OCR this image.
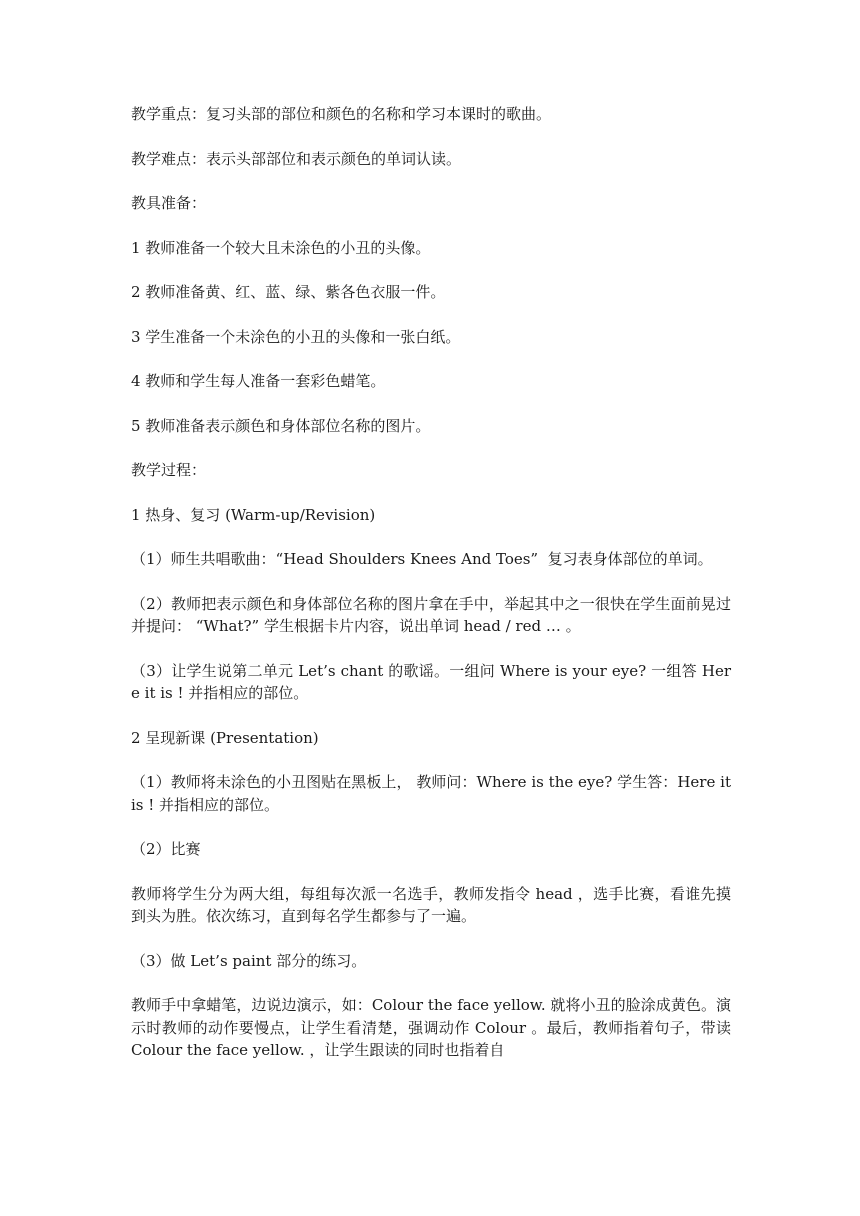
教学重点：复习头部的部位和颜色的名称和学习本课时的歌曲。

教学难点：表示头部部位和表示颜色的单词认读。

教具准备：

1 教师准备一个较大且未涂色的小丑的头像。

2 教师准备黄、红、蓝、绿、紫各色衣服一件。

3 学生准备一个未涂色的小丑的头像和一张白纸。

4 教师和学生每人准备一套彩色蜡笔。

5 教师准备表示颜色和身体部位名称的图片。

教学过程：

1 热身、复习 (Warm-up/Revision)

（1）师生共唱歌曲：“Head Shoulders Knees And Toes”  复习表身体部位的单词。

（2）教师把表示颜色和身体部位名称的图片拿在手中，举起其中之一很快在学生面前晃过并提问： “What?” 学生根据卡片内容，说出单词 head / red … 。

（3）让学生说第二单元 Let’s chant 的歌谣。一组问 Where is your eye? 一组答 Here it is ! 并指相应的部位。

2 呈现新课 (Presentation)

（1）教师将未涂色的小丑图贴在黑板上， 教师问：Where is the eye? 学生答：Here it is ! 并指相应的部位。

（2）比赛

教师将学生分为两大组，每组每次派一名选手，教师发指令 head ，选手比赛，看谁先摸到头为胜。依次练习，直到每名学生都参与了一遍。

（3）做 Let’s paint 部分的练习。

教师手中拿蜡笔，边说边演示，如：Colour the face yellow. 就将小丑的脸涂成黄色。演示时教师的动作要慢点，让学生看清楚，强调动作 Colour 。最后，教师指着句子，带读 Colour the face yellow. ，让学生跟读的同时也指着自
